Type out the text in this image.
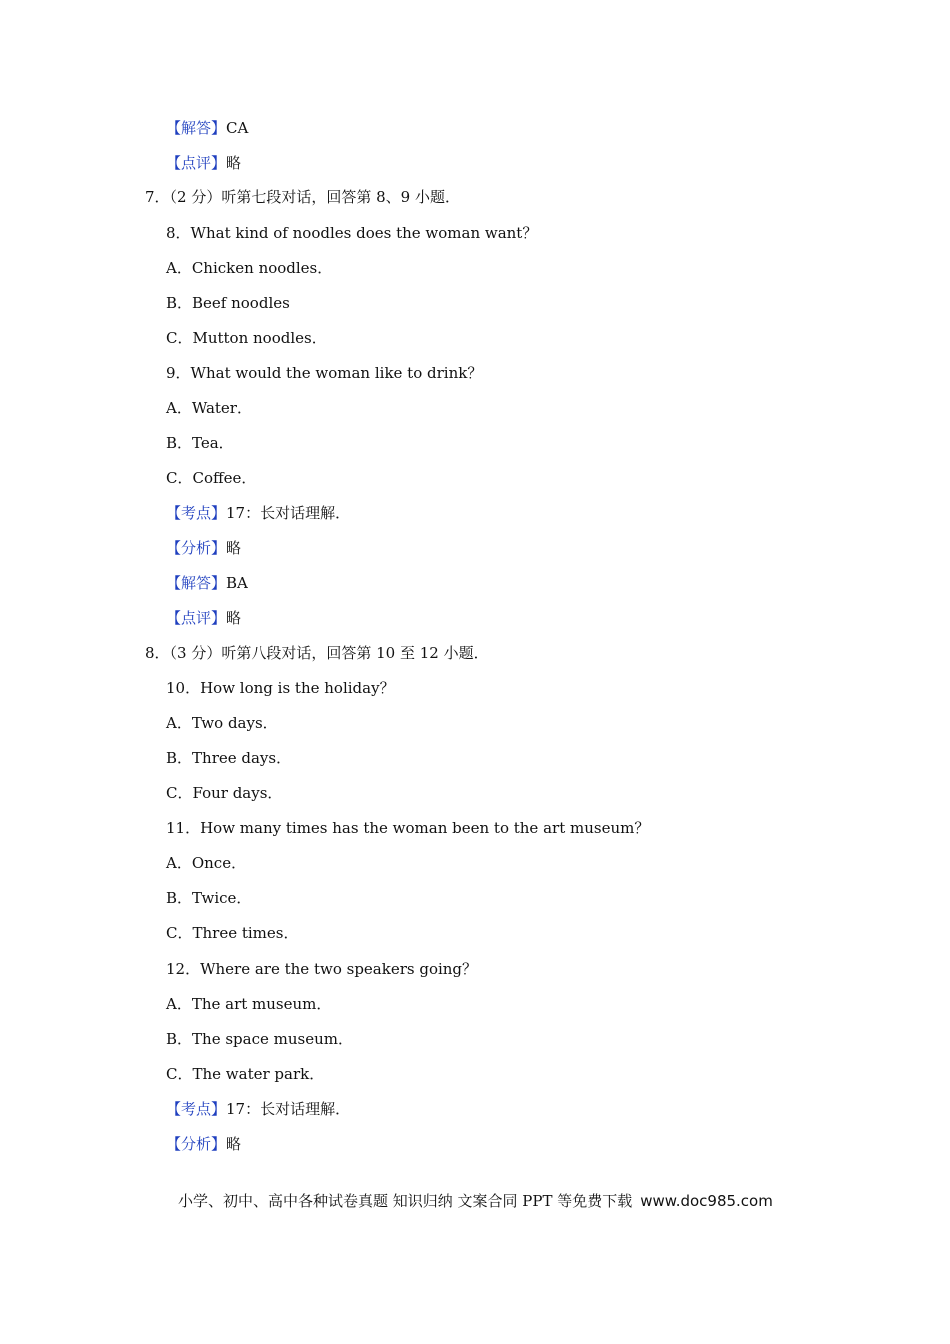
【解答】CA
【点评】略
7．（2 分）听第七段对话，回答第 8、9 小题．
8．What kind of noodles does the woman want？
A．Chicken noodles．
B．Beef noodles
C．Mutton noodles．
9．What would the woman like to drink？
A．Water．
B．Tea．
C．Coffee．
【考点】17：长对话理解．
【分析】略
【解答】BA
【点评】略
8．（3 分）听第八段对话，回答第 10 至 12 小题．
10．How long is the holiday？
A．Two days．
B．Three days．
C．Four days．
11．How many times has the woman been to the art museum？
A．Once．
B．Twice．
C．Three times．
12．Where are the two speakers going？
A．The art museum．
B．The space museum．
C．The water park．
【考点】17：长对话理解．
【分析】略
小学、初中、高中各种试卷真题 知识归纳 文案合同 PPT 等免费下载 www.doc985.com
